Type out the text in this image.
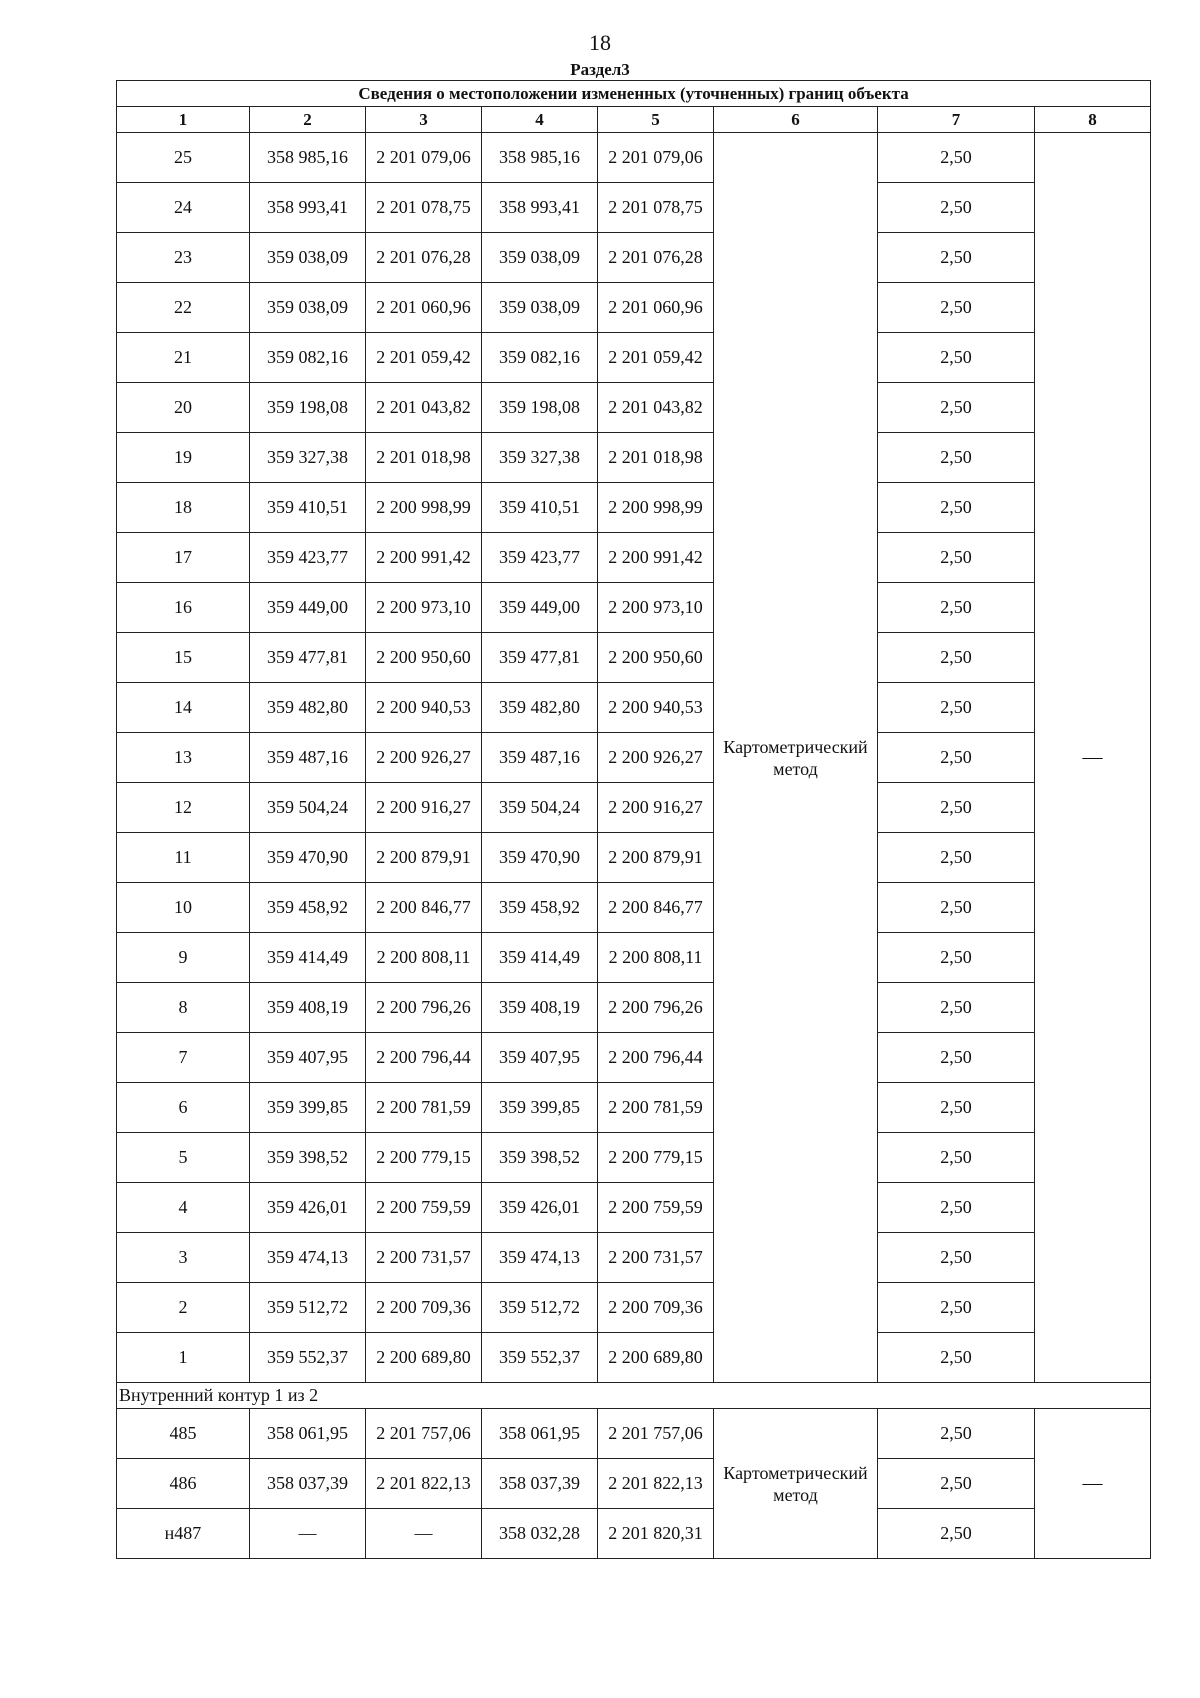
18
Раздел3
Сведения о местоположении измененных (уточненных) границ объекта							
1	2	3	4	5	6	7	8
25	358 985,16	2 201 079,06	358 985,16	2 201 079,06	Картометрический метод	2,50	—
24	358 993,41	2 201 078,75	358 993,41	2 201 078,75		2,50	
23	359 038,09	2 201 076,28	359 038,09	2 201 076,28		2,50	
22	359 038,09	2 201 060,96	359 038,09	2 201 060,96		2,50	
21	359 082,16	2 201 059,42	359 082,16	2 201 059,42		2,50	
20	359 198,08	2 201 043,82	359 198,08	2 201 043,82		2,50	
19	359 327,38	2 201 018,98	359 327,38	2 201 018,98		2,50	
18	359 410,51	2 200 998,99	359 410,51	2 200 998,99		2,50	
17	359 423,77	2 200 991,42	359 423,77	2 200 991,42		2,50	
16	359 449,00	2 200 973,10	359 449,00	2 200 973,10		2,50	
15	359 477,81	2 200 950,60	359 477,81	2 200 950,60		2,50	
14	359 482,80	2 200 940,53	359 482,80	2 200 940,53		2,50	
13	359 487,16	2 200 926,27	359 487,16	2 200 926,27		2,50	
12	359 504,24	2 200 916,27	359 504,24	2 200 916,27		2,50	
11	359 470,90	2 200 879,91	359 470,90	2 200 879,91		2,50	
10	359 458,92	2 200 846,77	359 458,92	2 200 846,77		2,50	
9	359 414,49	2 200 808,11	359 414,49	2 200 808,11		2,50	
8	359 408,19	2 200 796,26	359 408,19	2 200 796,26		2,50	
7	359 407,95	2 200 796,44	359 407,95	2 200 796,44		2,50	
6	359 399,85	2 200 781,59	359 399,85	2 200 781,59		2,50	
5	359 398,52	2 200 779,15	359 398,52	2 200 779,15		2,50	
4	359 426,01	2 200 759,59	359 426,01	2 200 759,59		2,50	
3	359 474,13	2 200 731,57	359 474,13	2 200 731,57		2,50	
2	359 512,72	2 200 709,36	359 512,72	2 200 709,36		2,50	
1	359 552,37	2 200 689,80	359 552,37	2 200 689,80		2,50	
Внутренний контур 1 из 2							
485	358 061,95	2 201 757,06	358 061,95	2 201 757,06	Картометрический метод	2,50	—
486	358 037,39	2 201 822,13	358 037,39	2 201 822,13		2,50	
н487	—	—	358 032,28	2 201 820,31		2,50	
